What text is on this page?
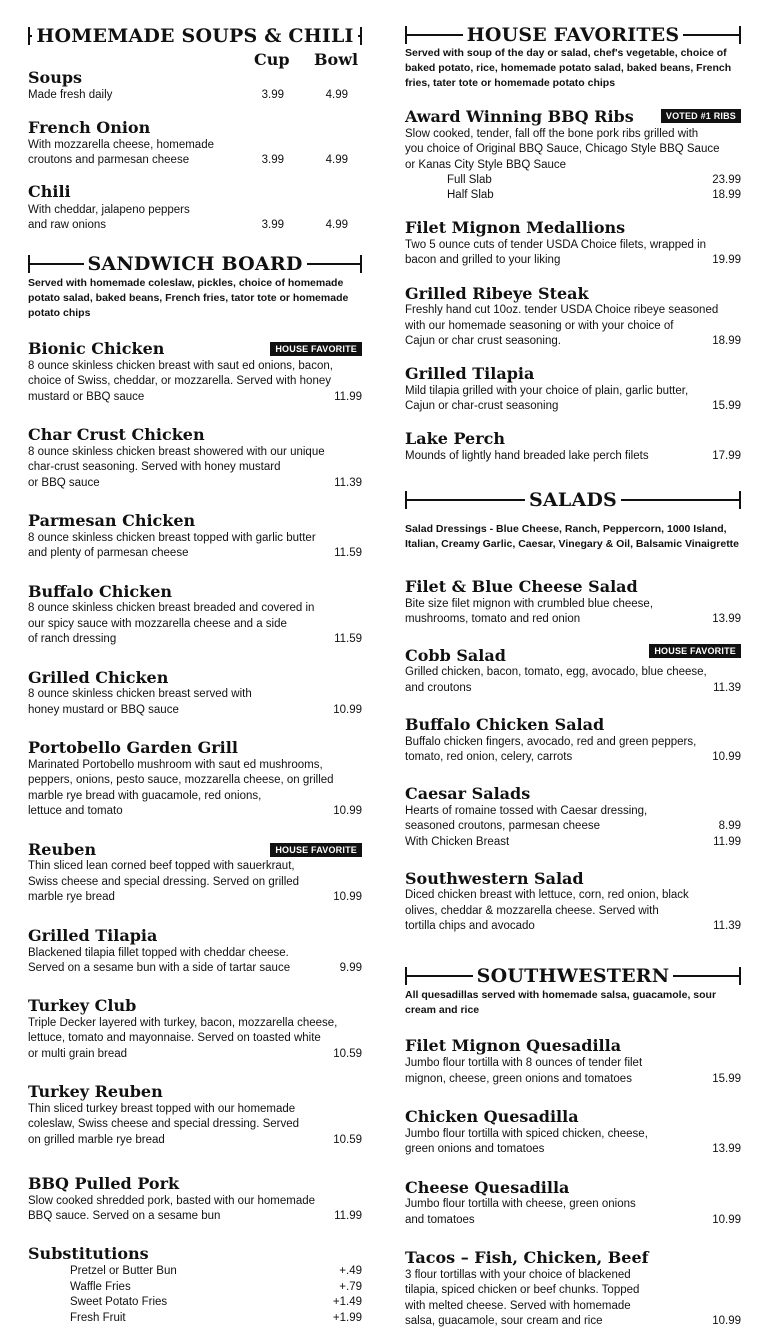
HOMEMADE SOUPS & CHILI
Cup Bowl
Soups
Made fresh daily	3.99	4.99
French Onion
With mozzarella cheese, homemade
croutons and parmesan cheese	3.99	4.99
Chili
With cheddar, jalapeno peppers
and raw onions	3.99	4.99
SANDWICH BOARD
Served with homemade coleslaw, pickles, choice of homemade potato salad, baked beans, French fries, tator tote or homemade potato chips
Bionic Chicken	HOUSE FAVORITE
8 ounce skinless chicken breast with saut ed onions, bacon,
choice of Swiss, cheddar, or mozzarella. Served with honey
mustard or BBQ sauce	11.99
Char Crust Chicken
8 ounce skinless chicken breast showered with our unique
char-crust seasoning. Served with honey mustard
or BBQ sauce	11.39
Parmesan Chicken
8 ounce skinless chicken breast topped with garlic butter
and plenty of parmesan cheese	11.59
Buffalo Chicken
8 ounce skinless chicken breast breaded and covered in
our spicy sauce with mozzarella cheese and a side
of ranch dressing	11.59
Grilled Chicken
8 ounce skinless chicken breast served with
honey mustard or BBQ sauce	10.99
Portobello Garden Grill
Marinated Portobello mushroom with saut ed mushrooms,
peppers, onions, pesto sauce, mozzarella cheese, on grilled
marble rye bread with guacamole, red onions,
lettuce and tomato	10.99
Reuben	HOUSE FAVORITE
Thin sliced lean corned beef topped with sauerkraut,
Swiss cheese and special dressing. Served on grilled
marble rye bread	10.99
Grilled Tilapia
Blackened tilapia fillet topped with cheddar cheese.
Served on a sesame bun with a side of tartar sauce	9.99
Turkey Club
Triple Decker layered with turkey, bacon, mozzarella cheese,
lettuce, tomato and mayonnaise. Served on toasted white
or multi grain bread	10.59
Turkey Reuben
Thin sliced turkey breast topped with our homemade
coleslaw, Swiss cheese and special dressing. Served
on grilled marble rye bread	10.59
BBQ Pulled Pork
Slow cooked shredded pork, basted with our homemade
BBQ sauce. Served on a sesame bun	11.99
Substitutions
Pretzel or Butter Bun	+.49
Waffle Fries	+.79
Sweet Potato Fries	+1.49
Fresh Fruit	+1.99
HOUSE FAVORITES
Served with soup of the day or salad, chef's vegetable, choice of baked potato, rice, homemade potato salad, baked beans, French fries, tater tote or homemade potato chips
Award Winning BBQ Ribs	VOTED #1 RIBS
Slow cooked, tender, fall off the bone pork ribs grilled with
you choice of Original BBQ Sauce, Chicago Style BBQ Sauce
or Kanas City Style BBQ Sauce
Full Slab	23.99
Half Slab	18.99
Filet Mignon Medallions
Two 5 ounce cuts of tender USDA Choice filets, wrapped in
bacon and grilled to your liking	19.99
Grilled Ribeye Steak
Freshly hand cut 10oz. tender USDA Choice ribeye seasoned
with our homemade seasoning or with your choice of
Cajun or char crust seasoning.	18.99
Grilled Tilapia
Mild tilapia grilled with your choice of plain, garlic butter,
Cajun or char-crust seasoning	15.99
Lake Perch
Mounds of lightly hand breaded lake perch filets	17.99
SALADS
Salad Dressings - Blue Cheese, Ranch, Peppercorn, 1000 Island, Italian, Creamy Garlic, Caesar, Vinegary & Oil, Balsamic Vinaigrette
Filet & Blue Cheese Salad
Bite size filet mignon with crumbled blue cheese,
mushrooms, tomato and red onion	13.99
Cobb Salad	HOUSE FAVORITE
Grilled chicken, bacon, tomato, egg, avocado, blue cheese,
and croutons	11.39
Buffalo Chicken Salad
Buffalo chicken fingers, avocado, red and green peppers,
tomato, red onion, celery, carrots	10.99
Caesar Salads
Hearts of romaine tossed with Caesar dressing,
seasoned croutons, parmesan cheese	8.99
With Chicken Breast	11.99
Southwestern Salad
Diced chicken breast with lettuce, corn, red onion, black
olives, cheddar & mozzarella cheese. Served with
tortilla chips and avocado	11.39
SOUTHWESTERN
All quesadillas served with homemade salsa, guacamole, sour cream and rice
Filet Mignon Quesadilla
Jumbo flour tortilla with 8 ounces of tender filet
mignon, cheese, green onions and tomatoes	15.99
Chicken Quesadilla
Jumbo flour tortilla with spiced chicken, cheese,
green onions and tomatoes	13.99
Cheese Quesadilla
Jumbo flour tortilla with cheese, green onions
and tomatoes	10.99
Tacos – Fish, Chicken, Beef
3 flour tortillas with your choice of blackened
tilapia, spiced chicken or beef chunks. Topped
with melted cheese. Served with homemade
salsa, guacamole, sour cream and rice	10.99
